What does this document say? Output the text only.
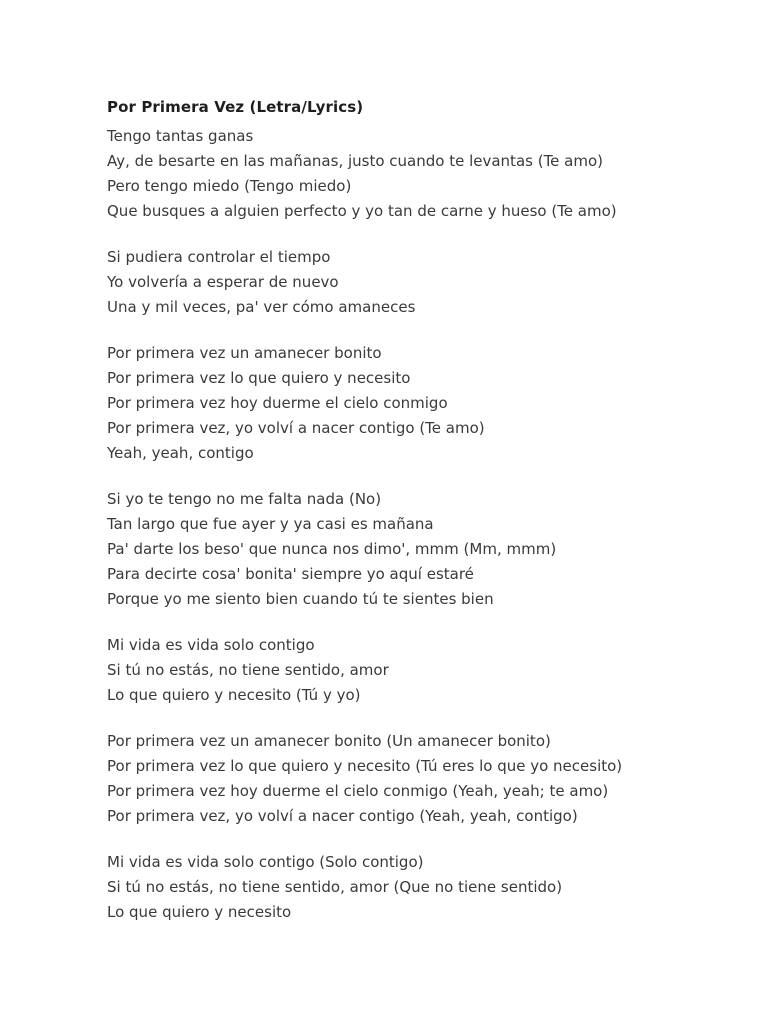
Por Primera Vez (Letra/Lyrics)
Tengo tantas ganas
Ay, de besarte en las mañanas, justo cuando te levantas (Te amo)
Pero tengo miedo (Tengo miedo)
Que busques a alguien perfecto y yo tan de carne y hueso (Te amo)
Si pudiera controlar el tiempo
Yo volvería a esperar de nuevo
Una y mil veces, pa' ver cómo amaneces
Por primera vez un amanecer bonito
Por primera vez lo que quiero y necesito
Por primera vez hoy duerme el cielo conmigo
Por primera vez, yo volví a nacer contigo (Te amo)
Yeah, yeah, contigo
Si yo te tengo no me falta nada (No)
Tan largo que fue ayer y ya casi es mañana
Pa' darte los beso' que nunca nos dimo', mmm (Mm, mmm)
Para decirte cosa' bonita' siempre yo aquí estaré
Porque yo me siento bien cuando tú te sientes bien
Mi vida es vida solo contigo
Si tú no estás, no tiene sentido, amor
Lo que quiero y necesito (Tú y yo)
Por primera vez un amanecer bonito (Un amanecer bonito)
Por primera vez lo que quiero y necesito (Tú eres lo que yo necesito)
Por primera vez hoy duerme el cielo conmigo (Yeah, yeah; te amo)
Por primera vez, yo volví a nacer contigo (Yeah, yeah, contigo)
Mi vida es vida solo contigo (Solo contigo)
Si tú no estás, no tiene sentido, amor (Que no tiene sentido)
Lo que quiero y necesito
